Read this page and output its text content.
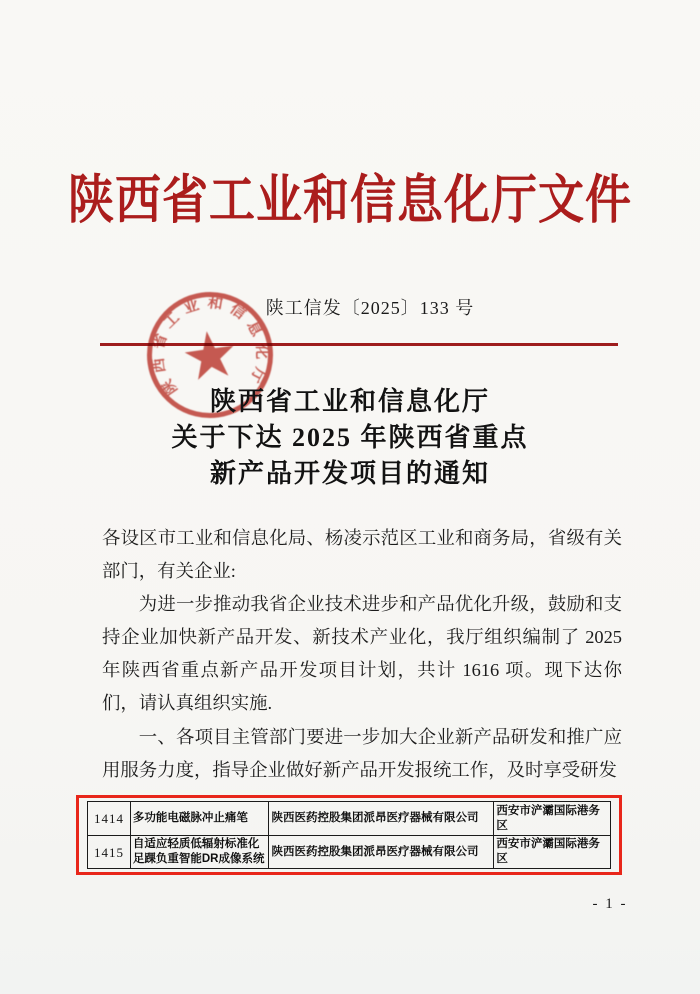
陕西省工业和信息化厅文件
陕工信发〔2025〕133 号
陕西省工业和信息化厅
陕西省工业和信息化厅
关于下达 2025 年陕西省重点
新产品开发项目的通知

各设区市工业和信息化局、杨凌示范区工业和商务局，省级有关部门，有关企业:

为进一步推动我省企业技术进步和产品优化升级，鼓励和支持企业加快新产品开发、新技术产业化，我厅组织编制了 2025 年陕西省重点新产品开发项目计划，共计 1616 项。现下达你们，请认真组织实施.

一、各项目主管部门要进一步加大企业新产品研发和推广应用服务力度，指导企业做好新产品开发报统工作，及时享受研发

1414	多功能电磁脉冲止痛笔	陕西医药控股集团派昂医疗器械有限公司	西安市浐灞国际港务区
1415	自适应轻质低辐射标准化足踝负重智能DR成像系统	陕西医药控股集团派昂医疗器械有限公司	西安市浐灞国际港务区
- 1 -
